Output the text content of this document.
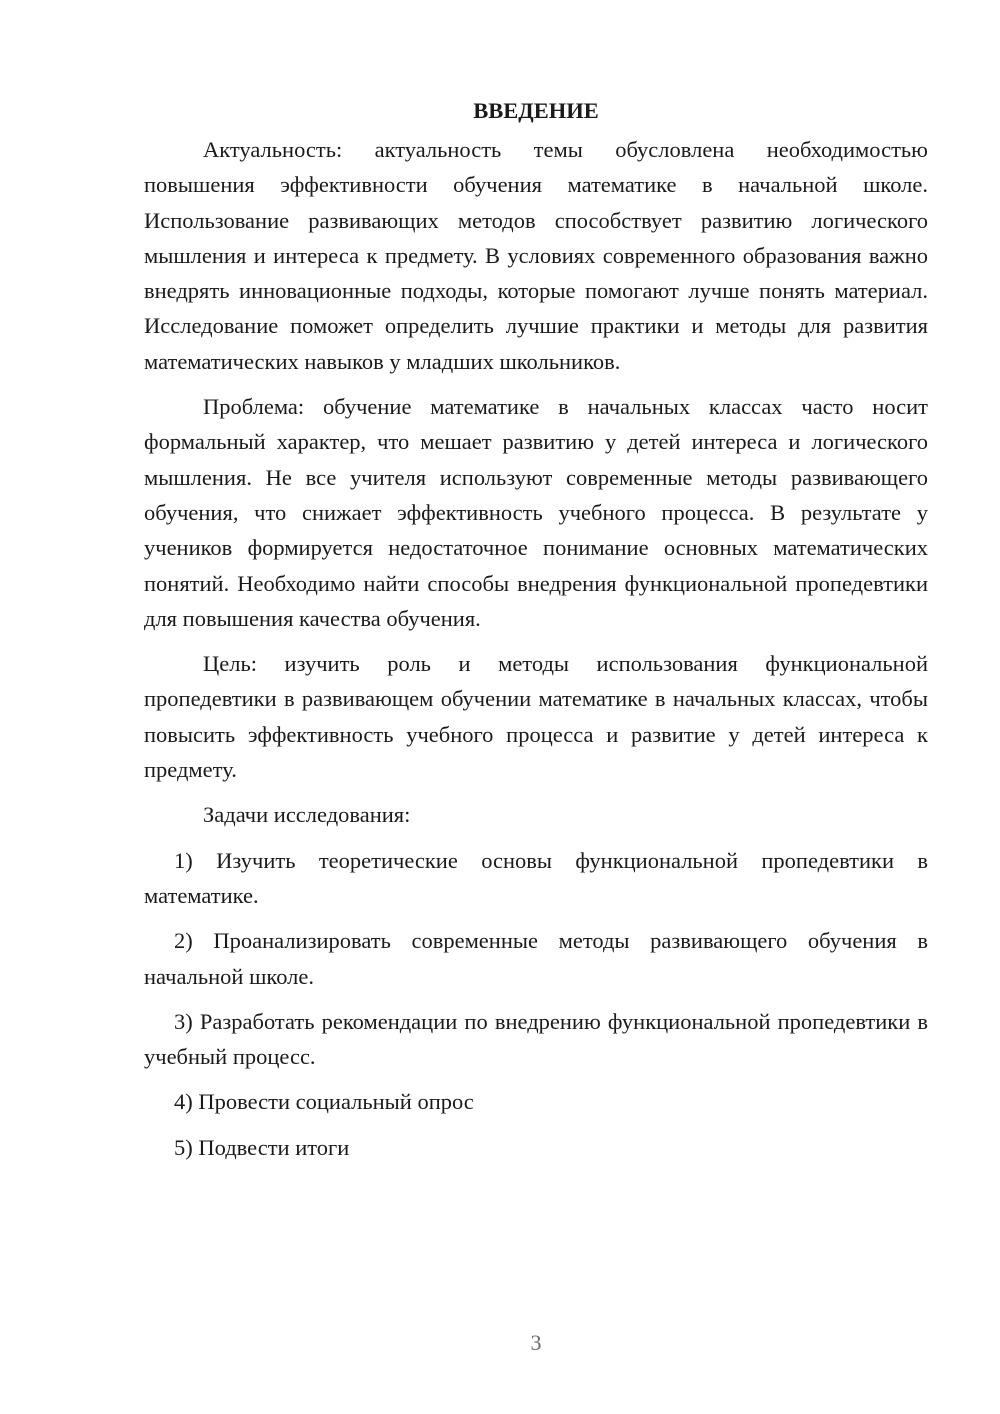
ВВЕДЕНИЕ

Актуальность: актуальность темы обусловлена необходимостью повышения эффективности обучения математике в начальной школе. Использование развивающих методов способствует развитию логического мышления и интереса к предмету. В условиях современного образования важно внедрять инновационные подходы, которые помогают лучше понять материал. Исследование поможет определить лучшие практики и методы для развития математических навыков у младших школьников.

Проблема: обучение математике в начальных классах часто носит формальный характер, что мешает развитию у детей интереса и логического мышления. Не все учителя используют современные методы развивающего обучения, что снижает эффективность учебного процесса. В результате у учеников формируется недостаточное понимание основных математических понятий. Необходимо найти способы внедрения функциональной пропедевтики для повышения качества обучения.

Цель: изучить роль и методы использования функциональной пропедевтики в развивающем обучении математике в начальных классах, чтобы повысить эффективность учебного процесса и развитие у детей интереса к предмету.

Задачи исследования:

1) Изучить теоретические основы функциональной пропедевтики в математике.

2) Проанализировать современные методы развивающего обучения в начальной школе.

3) Разработать рекомендации по внедрению функциональной пропедевтики в учебный процесс.

4) Провести социальный опрос

5) Подвести итоги

3
